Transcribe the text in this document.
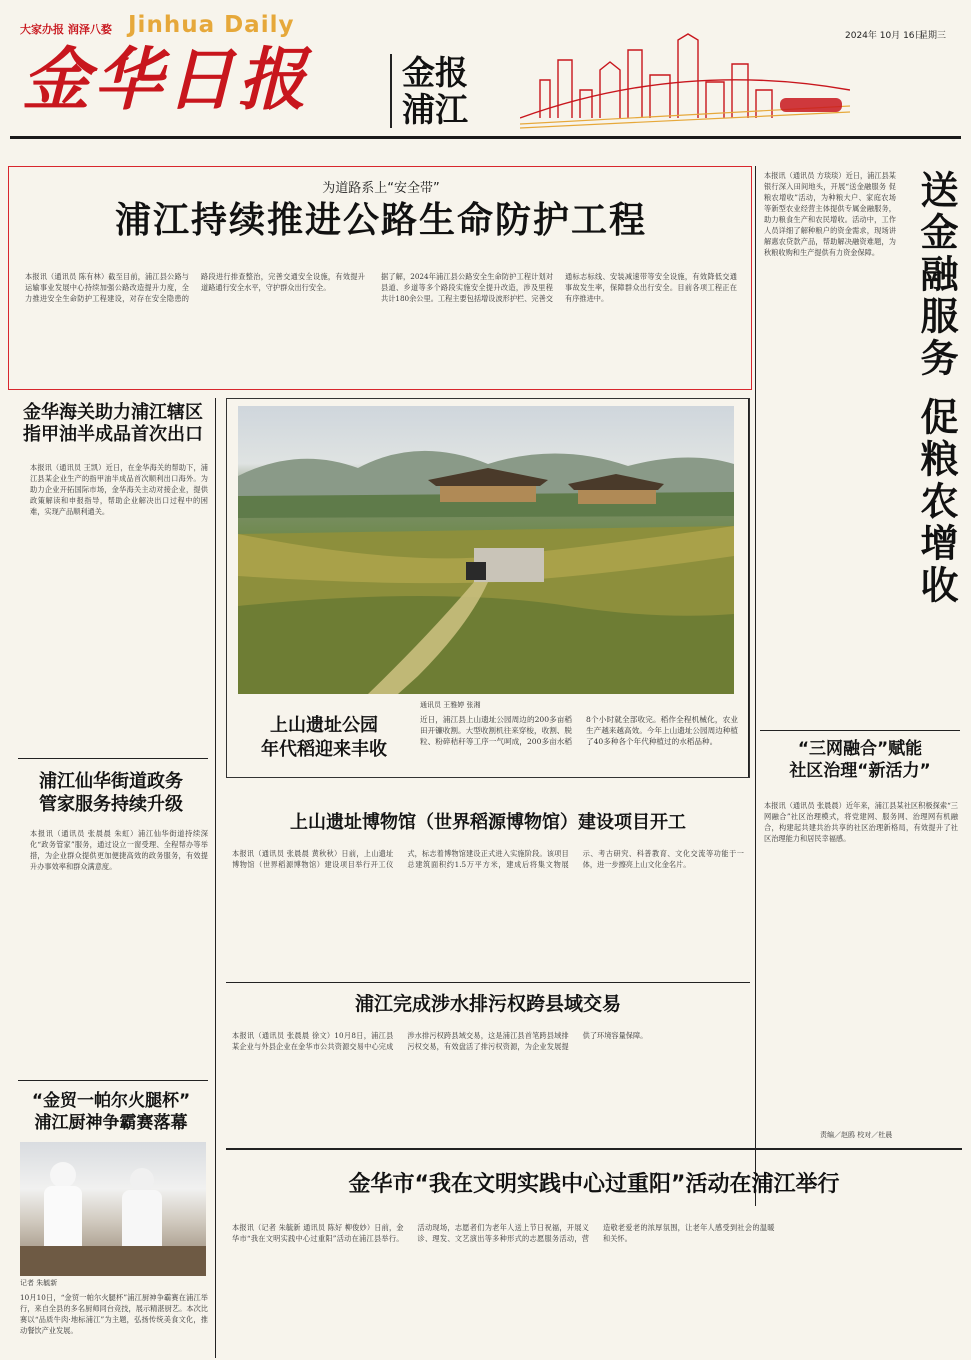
大家办报 润泽八婺 Jinhua Daily
金华日报	金报
浦江
2024年 10月 16日
星期三
为道路系上“安全带”
浦江持续推进公路生命防护工程
本报讯（通讯员 陈有林）截至目前，浦江县公路与运输事业发展中心持续加强公路改造提升力度，全力推进安全生命防护工程建设，对存在安全隐患的路段进行排查整治，完善交通安全设施，有效提升道路通行安全水平，守护群众出行安全。
据了解，2024年浦江县公路安全生命防护工程计划对县道、乡道等多个路段实施安全提升改造，涉及里程共计180余公里。工程主要包括增设波形护栏、完善交通标志标线、安装减速带等安全设施，有效降低交通事故发生率，保障群众出行安全。目前各项工程正在有序推进中。	送金融服务 促粮农增收
本报讯（通讯员 方琰琰）近日，浦江县某银行深入田间地头，开展“送金融服务 促粮农增收”活动，为种粮大户、家庭农场等新型农业经营主体提供专属金融服务，助力粮食生产和农民增收。活动中，工作人员详细了解种粮户的资金需求，现场讲解惠农贷款产品，帮助解决融资难题，为秋粮收购和生产提供有力资金保障。
金华海关助力浦江辖区
指甲油半成品首次出口
本报讯（通讯员 王凯）近日，在金华海关的帮助下，浦江县某企业生产的指甲油半成品首次顺利出口海外。为助力企业开拓国际市场，金华海关主动对接企业，提供政策解读和申报指导，帮助企业解决出口过程中的困难，实现产品顺利通关。
浦江仙华街道政务
管家服务持续升级
本报讯（通讯员 张晨晨 朱虹）浦江仙华街道持续深化“政务管家”服务，通过设立一窗受理、全程帮办等举措，为企业群众提供更加便捷高效的政务服务，有效提升办事效率和群众满意度。
“金贸一帕尔火腿杯”
浦江厨神争霸赛落幕
记者 朱毓新
10月10日，“金贸一帕尔火腿杯”浦江厨神争霸赛在浦江举行，来自全县的多名厨师同台竞技，展示精湛厨艺。本次比赛以“品质牛肉·地标浦江”为主题，弘扬传统美食文化，推动餐饮产业发展。
上山遗址公园
年代稻迎来丰收
通讯员 王雅婷 张湘
近日，浦江县上山遗址公园周边的200多亩稻田开镰收割。大型收割机往来穿梭，收割、脱粒、粉碎秸秆等工序一气呵成，200多亩水稻8个小时就全部收完。稻作全程机械化，农业生产越来越高效。今年上山遗址公园周边种植了40多种各个年代种植过的水稻品种。
上山遗址博物馆（世界稻源博物馆）建设项目开工
本报讯（通讯员 张晨晨 黄秋秋）日前，上山遗址博物馆（世界稻源博物馆）建设项目举行开工仪式，标志着博物馆建设正式进入实施阶段。该项目总建筑面积约1.5万平方米，建成后将集文物展示、考古研究、科普教育、文化交流等功能于一体，进一步擦亮上山文化金名片。
浦江完成涉水排污权跨县域交易
本报讯（通讯员 张晨晨 徐文）10月8日，浦江县某企业与外县企业在金华市公共资源交易中心完成涉水排污权跨县域交易，这是浦江县首笔跨县域排污权交易，有效盘活了排污权资源，为企业发展提供了环境容量保障。
“三网融合”赋能
社区治理“新活力”
本报讯（通讯员 张晨晨）近年来，浦江县某社区积极探索“三网融合”社区治理模式，将党建网、服务网、治理网有机融合，构建起共建共治共享的社区治理新格局，有效提升了社区治理能力和居民幸福感。
责编／赵鸥 校对／杜晨
金华市“我在文明实践中心过重阳”活动在浦江举行
本报讯（记者 朱毓新 通讯员 陈好 柳俊妙）日前，金华市“我在文明实践中心过重阳”活动在浦江县举行。活动现场，志愿者们为老年人送上节日祝福，开展义诊、理发、文艺演出等多种形式的志愿服务活动，营造敬老爱老的浓厚氛围，让老年人感受到社会的温暖和关怀。
